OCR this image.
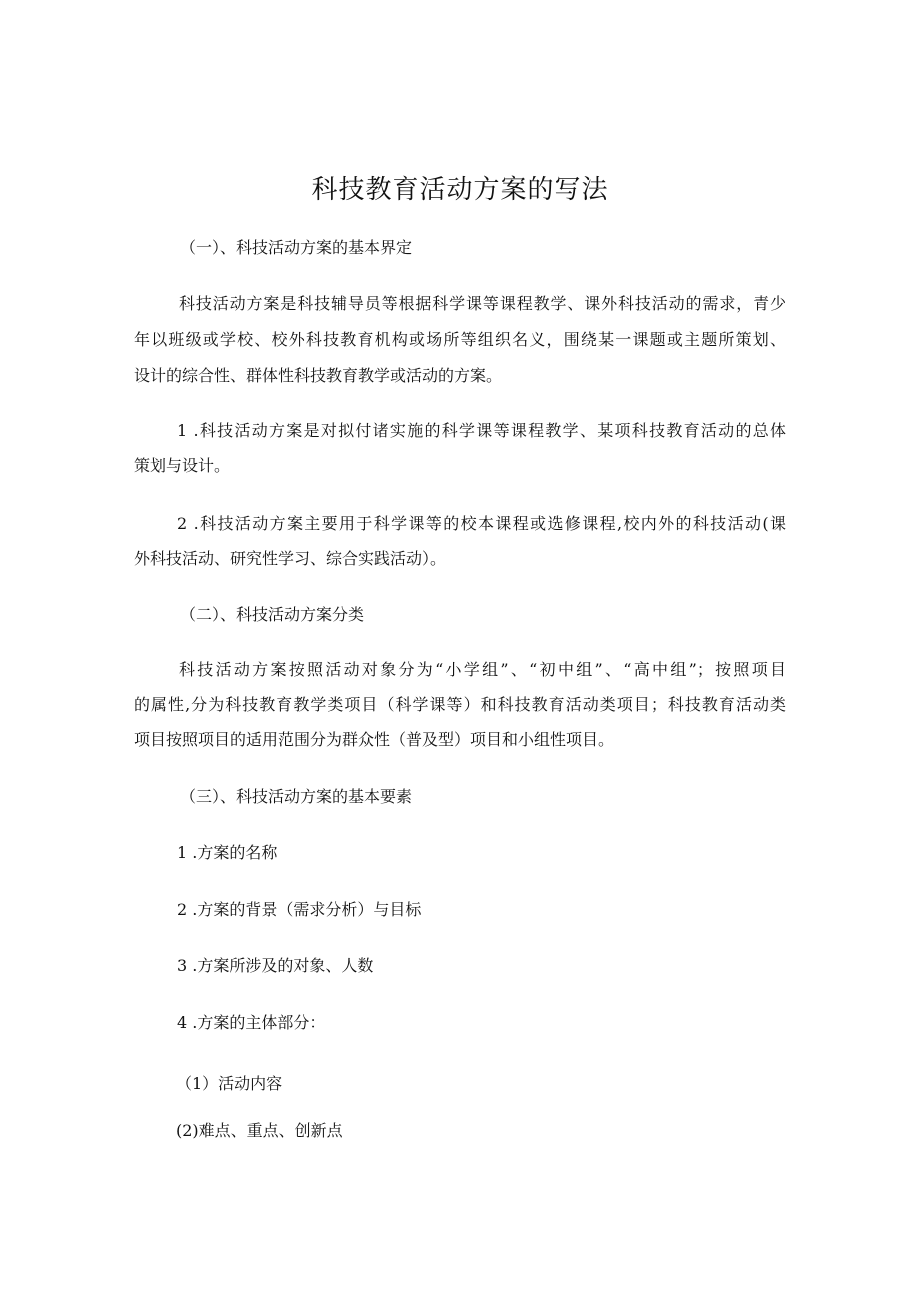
科技教育活动方案的写法
（一）、科技活动方案的基本界定
科技活动方案是科技辅导员等根据科学课等课程教学、课外科技活动的需求，青少
年以班级或学校、校外科技教育机构或场所等组织名义，围绕某一课题或主题所策划、
设计的综合性、群体性科技教育教学或活动的方案。
1 .科技活动方案是对拟付诸实施的科学课等课程教学、某项科技教育活动的总体
策划与设计。
2 .科技活动方案主要用于科学课等的校本课程或选修课程,校内外的科技活动(课
外科技活动、研究性学习、综合实践活动）。
（二）、科技活动方案分类
科技活动方案按照活动对象分为“小学组”、“初中组”、“高中组”；按照项目
的属性,分为科技教育教学类项目（科学课等）和科技教育活动类项目；科技教育活动类
项目按照项目的适用范围分为群众性（普及型）项目和小组性项目。
（三）、科技活动方案的基本要素
1 .方案的名称
2 .方案的背景（需求分析）与目标
3 .方案所涉及的对象、人数
4 .方案的主体部分：
（1）活动内容
(2)难点、重点、创新点
